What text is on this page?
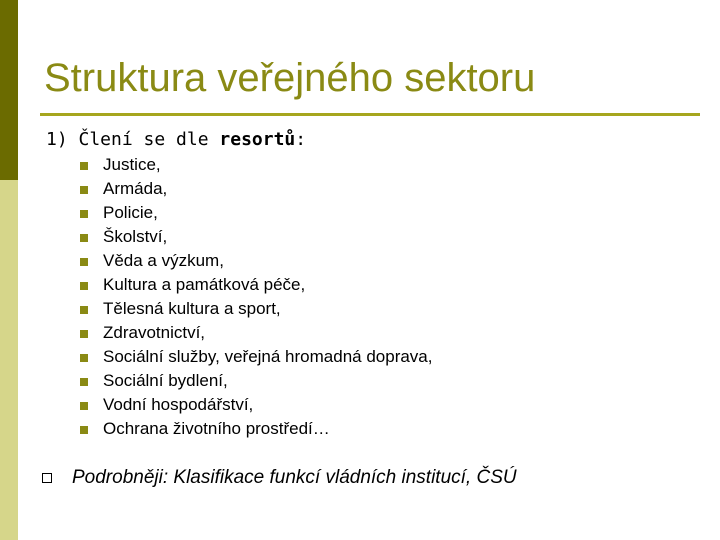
Struktura veřejného sektoru
1) Člení se dle resortů:
Justice,
Armáda,
Policie,
Školství,
Věda a výzkum,
Kultura a památková péče,
Tělesná kultura a sport,
Zdravotnictví,
Sociální služby, veřejná hromadná doprava,
Sociální bydlení,
Vodní hospodářství,
Ochrana životního prostředí…
Podrobněji: Klasifikace funkcí vládních institucí, ČSÚ
